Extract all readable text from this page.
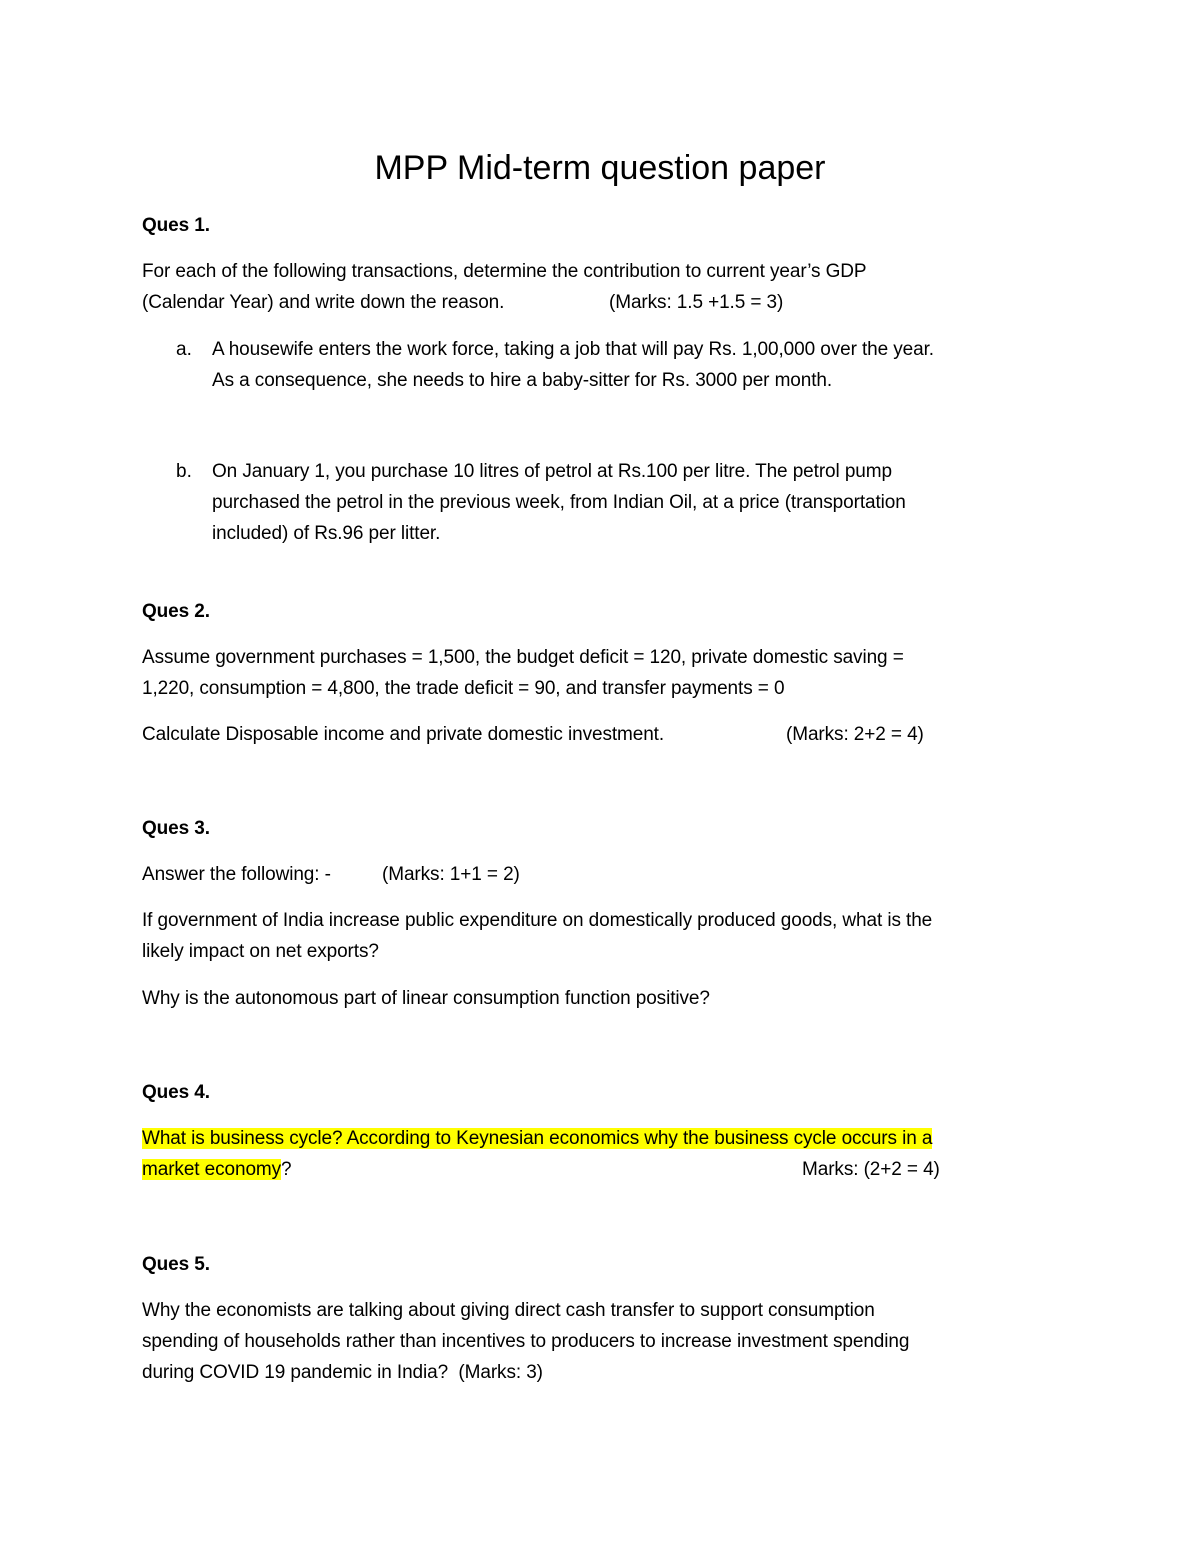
MPP Mid-term question paper
Ques 1.
For each of the following transactions, determine the contribution to current year’s GDP
(Calendar Year) and write down the reason.	(Marks: 1.5 +1.5 = 3)
a. A housewife enters the work force, taking a job that will pay Rs. 1,00,000 over the year.
As a consequence, she needs to hire a baby-sitter for Rs. 3000 per month.
b. On January 1, you purchase 10 litres of petrol at Rs.100 per litre. The petrol pump
purchased the petrol in the previous week, from Indian Oil, at a price (transportation
included) of Rs.96 per litter.
Ques 2.
Assume government purchases = 1,500, the budget deficit = 120, private domestic saving =
1,220, consumption = 4,800, the trade deficit = 90, and transfer payments = 0
Calculate Disposable income and private domestic investment.	(Marks: 2+2 = 4)
Ques 3.
Answer the following: -	(Marks: 1+1 = 2)
If government of India increase public expenditure on domestically produced goods, what is the
likely impact on net exports?
Why is the autonomous part of linear consumption function positive?
Ques 4.
What is business cycle? According to Keynesian economics why the business cycle occurs in a
market economy?	Marks: (2+2 = 4)
Ques 5.
Why the economists are talking about giving direct cash transfer to support consumption
spending of households rather than incentives to producers to increase investment spending
during COVID 19 pandemic in India?  (Marks: 3)
